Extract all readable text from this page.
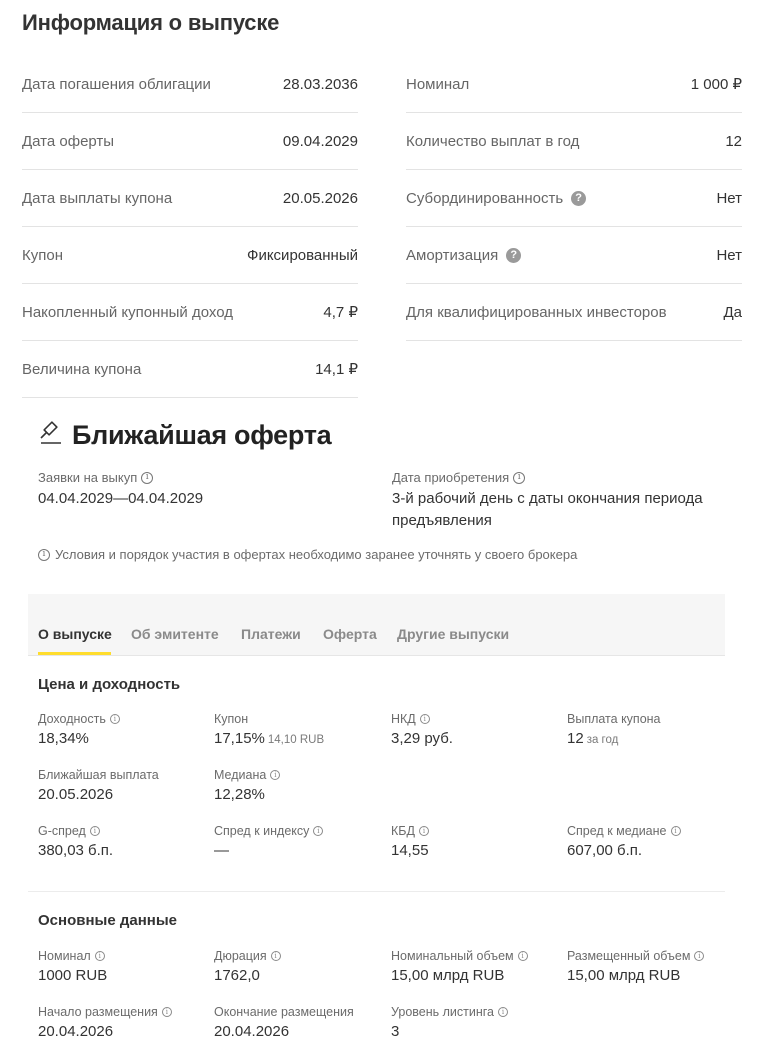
Информация о выпуске
Дата погашения облигации	28.03.2036
Дата оферты	09.04.2029
Дата выплаты купона	20.05.2026
Купон	Фиксированный
Накопленный купонный доход	4,7 ₽
Величина купона	14,1 ₽
Номинал	1 000 ₽
Количество выплат в год	12
Субординированность	?	Нет
Амортизация	?	Нет
Для квалифицированных инвесторов	Да
Ближайшая оферта
Заявки на выкуп i
04.04.2029—04.04.2029
Дата приобретения i
3-й рабочий день с даты окончания периода
предъявления
i Условия и порядок участия в офертах необходимо заранее уточнять у своего брокера
О выпуске Об эмитенте Платежи Оферта Другие выпуски
Цена и доходность
Доходность	i
18,34%
Купон
17,15% 14,10 RUB
НКД	i
3,29 руб.
Выплата купона
12 за год
Ближайшая выплата
20.05.2026
Медиана	i
12,28%
G-спред	i
380,03 б.п.
Спред к индексу	i
—
КБД	i
14,55
Спред к медиане	i
607,00 б.п.
Основные данные
Номинал	i
1000 RUB
Дюрация	i
1762,0
Номинальный объем	i
15,00 млрд RUB
Размещенный объем	i
15,00 млрд RUB
Начало размещения	i
20.04.2026
Окончание размещения
20.04.2026
Уровень листинга	i
3
